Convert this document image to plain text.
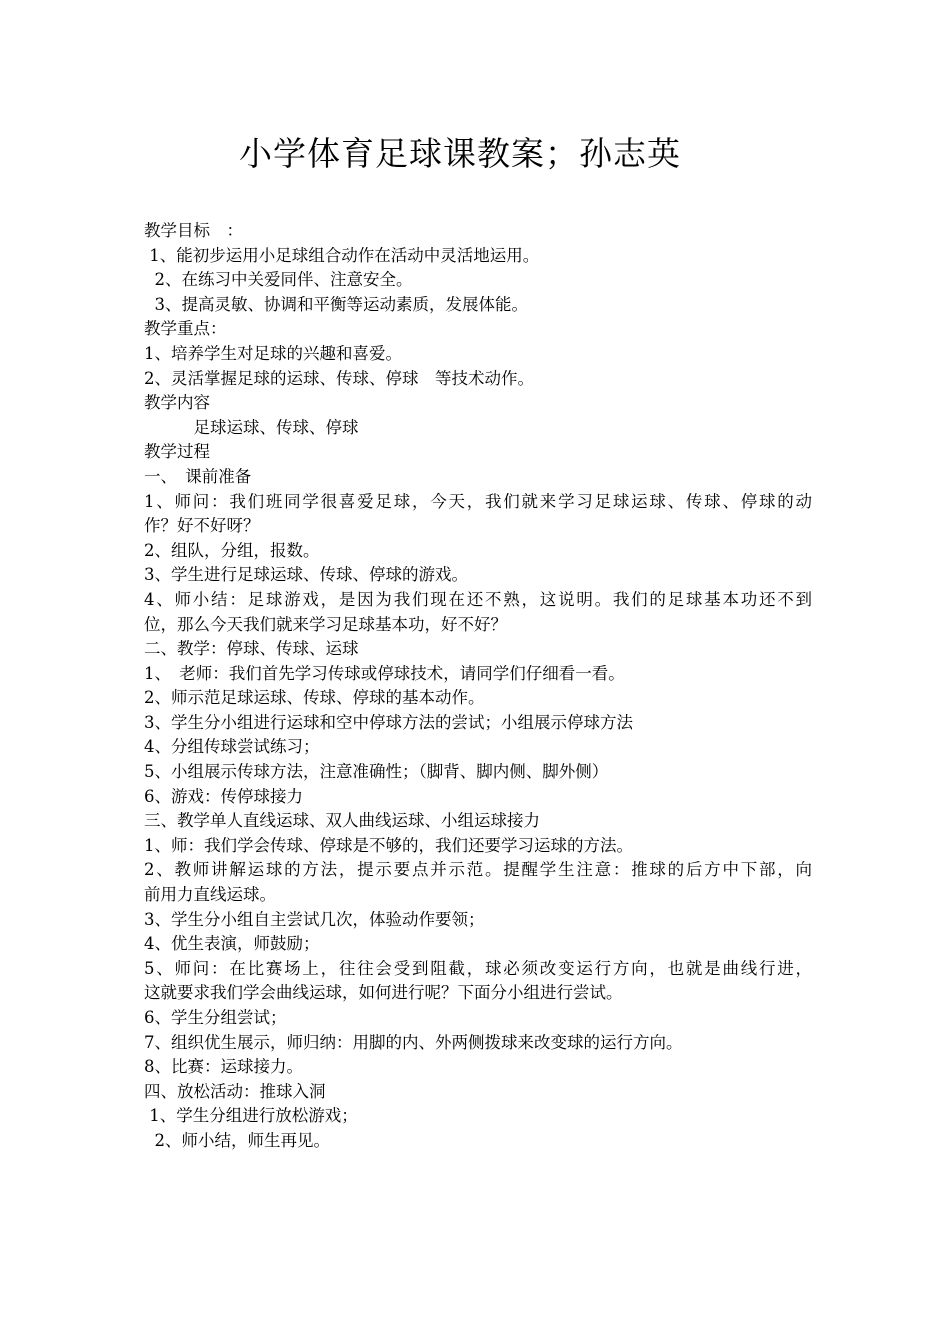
小学体育足球课教案；孙志英
教学目标　：
1、能初步运用小足球组合动作在活动中灵活地运用。
2、在练习中关爱同伴、注意安全。
3、提高灵敏、协调和平衡等运动素质，发展体能。
教学重点：
1、培养学生对足球的兴趣和喜爱。
2、灵活掌握足球的运球、传球、停球　等技术动作。
教学内容
　　　足球运球、传球、停球
教学过程
一、　课前准备
1、师问：我们班同学很喜爱足球，今天，我们就来学习足球运球、传球、停球的动
作？好不好呀？
2、组队，分组，报数。
3、学生进行足球运球、传球、停球的游戏。
4、师小结：足球游戏，是因为我们现在还不熟，这说明。我们的足球基本功还不到
位，那么今天我们就来学习足球基本功，好不好？
二、教学：停球、传球、运球
1、　老师：我们首先学习传球或停球技术，请同学们仔细看一看。
2、师示范足球运球、传球、停球的基本动作。
3、学生分小组进行运球和空中停球方法的尝试；小组展示停球方法
4、分组传球尝试练习；
5、小组展示传球方法，注意准确性；（脚背、脚内侧、脚外侧）
6、游戏：传停球接力
三、教学单人直线运球、双人曲线运球、小组运球接力
1、师：我们学会传球、停球是不够的，我们还要学习运球的方法。
2、教师讲解运球的方法，提示要点并示范。提醒学生注意：推球的后方中下部，向
前用力直线运球。
3、学生分小组自主尝试几次，体验动作要领；
4、优生表演，师鼓励；
5、师问：在比赛场上，往往会受到阻截，球必须改变运行方向，也就是曲线行进，
这就要求我们学会曲线运球，如何进行呢？下面分小组进行尝试。
6、学生分组尝试；
7、组织优生展示，师归纳：用脚的内、外两侧拨球来改变球的运行方向。
8、比赛：运球接力。
四、放松活动：推球入洞
1、学生分组进行放松游戏；
2、师小结，师生再见。
